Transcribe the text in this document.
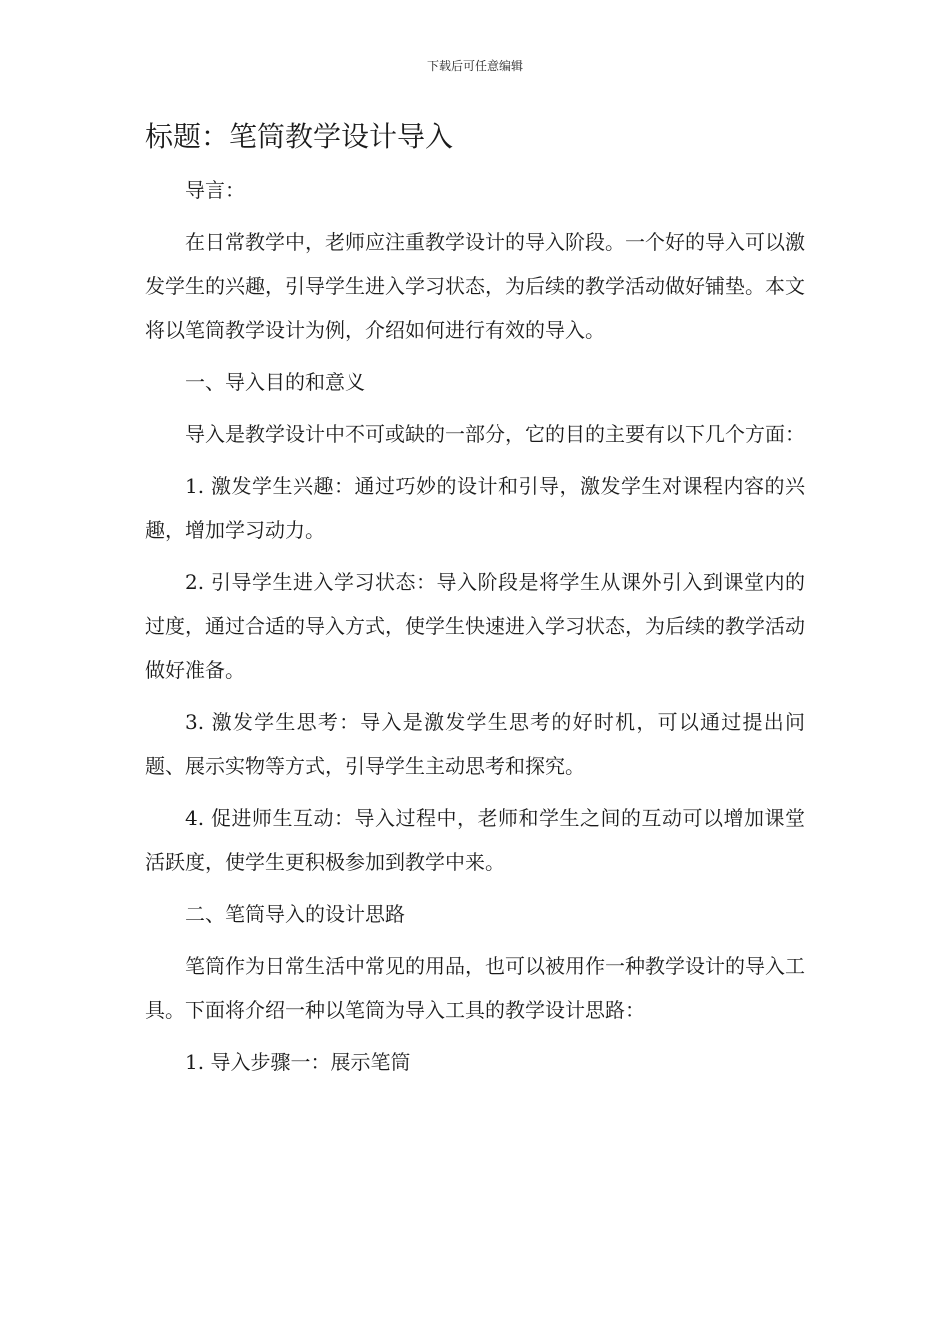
下载后可任意编辑
标题：笔筒教学设计导入

导言：

在日常教学中，老师应注重教学设计的导入阶段。一个好的导入可以激发学生的兴趣，引导学生进入学习状态，为后续的教学活动做好铺垫。本文将以笔筒教学设计为例，介绍如何进行有效的导入。

一、导入目的和意义

导入是教学设计中不可或缺的一部分，它的目的主要有以下几个方面：

1. 激发学生兴趣：通过巧妙的设计和引导，激发学生对课程内容的兴趣，增加学习动力。

2. 引导学生进入学习状态：导入阶段是将学生从课外引入到课堂内的过度，通过合适的导入方式，使学生快速进入学习状态，为后续的教学活动做好准备。

3. 激发学生思考：导入是激发学生思考的好时机，可以通过提出问题、展示实物等方式，引导学生主动思考和探究。

4. 促进师生互动：导入过程中，老师和学生之间的互动可以增加课堂活跃度，使学生更积极参加到教学中来。

二、笔筒导入的设计思路

笔筒作为日常生活中常见的用品，也可以被用作一种教学设计的导入工具。下面将介绍一种以笔筒为导入工具的教学设计思路：

1. 导入步骤一：展示笔筒
